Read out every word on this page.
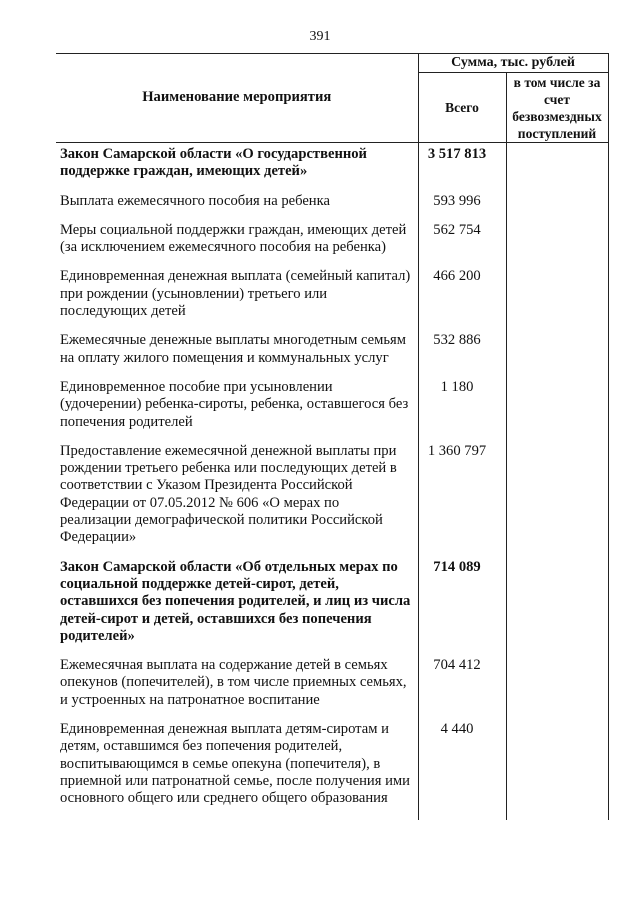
391
Наименование мероприятия	Сумма, тыс. рублей	
	Всего	в том числе за счет безвозмездных поступлений
Закон Самарской области «О государственной поддержке граждан, имеющих детей»	3 517 813	
Выплата ежемесячного пособия на ребенка	593 996	
Меры социальной поддержки граждан, имеющих детей (за исключением ежемесячного пособия на ребенка)	562 754	
Единовременная денежная выплата (семейный капитал) при рождении (усыновлении) третьего или последующих детей	466 200	
Ежемесячные денежные выплаты многодетным семьям на оплату жилого помещения и коммунальных услуг	532 886	
Единовременное пособие при усыновлении (удочерении) ребенка-сироты, ребенка, оставшегося без попечения родителей	1 180	
Предоставление ежемесячной денежной выплаты при рождении третьего ребенка или последующих детей в соответствии с Указом Президента Российской Федерации от 07.05.2012 № 606 «О мерах по реализации демографической политики Российской Федерации»	1 360 797	
Закон Самарской области «Об отдельных мерах по социальной поддержке детей-сирот, детей, оставшихся без попечения родителей, и лиц из числа детей-сирот и детей, оставшихся без попечения родителей»	714 089	
Ежемесячная выплата на содержание детей в семьях опекунов (попечителей), в том числе приемных семьях, и устроенных на патронатное воспитание	704 412	
Единовременная денежная выплата детям-сиротам и детям, оставшимся без попечения родителей, воспитывающимся в семье опекуна (попечителя), в приемной или патронатной семье, после получения ими основного общего или среднего общего образования	4 440	
